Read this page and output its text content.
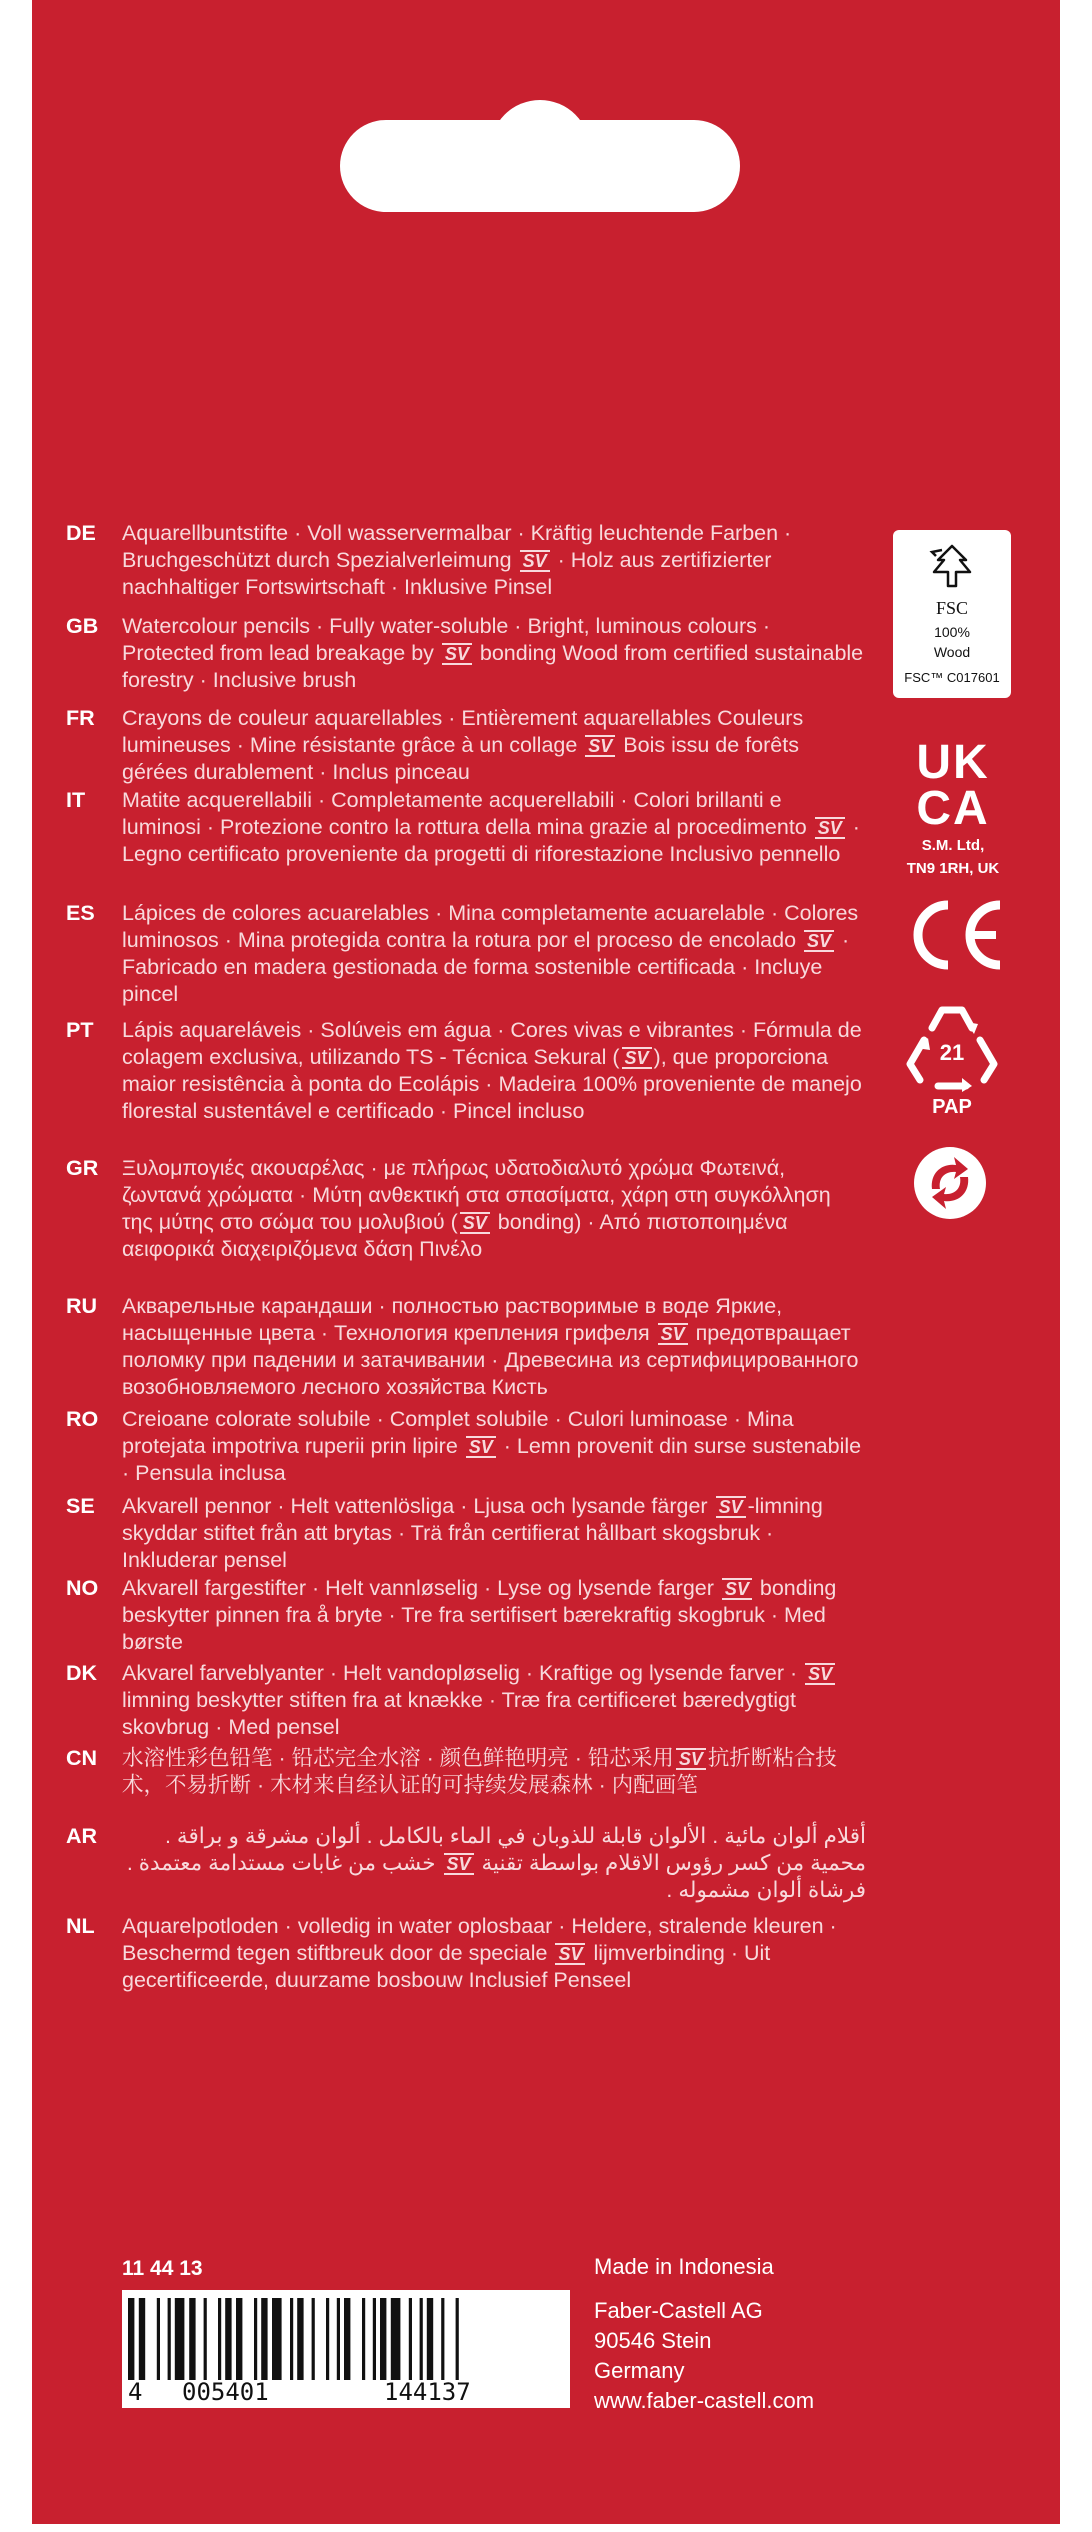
DE	Aquarellbuntstifte · Voll wasservermalbar · Kräftig leuchtende Farben · Bruchgeschützt durch Spezialverleimung SV · Holz aus zertifizierter nachhaltiger Fortswirtschaft · Inklusive Pinsel
GB	Watercolour pencils · Fully water-soluble · Bright, luminous colours · Protected from lead breakage by SV bonding Wood from certified sustainable forestry · Inclusive brush
FR	Crayons de couleur aquarellables · Entièrement aquarellables Couleurs lumineuses · Mine résistante grâce à un collage SV Bois issu de forêts gérées durablement · Inclus pinceau
IT	Matite acquerellabili · Completamente acquerellabili · Colori brillanti e luminosi · Protezione contro la rottura della mina grazie al procedimento SV · Legno certificato proveniente da progetti di riforestazione Inclusivo pennello
ES	Lápices de colores acuarelables · Mina completamente acuarelable · Colores luminosos · Mina protegida contra la rotura por el proceso de encolado SV · Fabricado en madera gestionada de forma sostenible certificada · Incluye pincel
PT	Lápis aquareláveis · Solúveis em água · Cores vivas e vibrantes · Fórmula de colagem exclusiva, utilizando TS - Técnica Sekural ( SV ), que proporciona maior resistência à ponta do Ecolápis · Madeira 100% proveniente de manejo florestal sustentável e certificado · Pincel incluso
GR	Ξυλομπογιές ακουαρέλας · με πλήρως υδατοδιαλυτό χρώμα Φωτεινά, ζωντανά χρώματα · Μύτη ανθεκτική στα σπασίματα, χάρη στη συγκόλληση της μύτης στο σώμα του μολυβιού ( SV bonding) · Από πιστοποιημένα αειφορικά διαχειριζόμενα δάση Πινέλο
RU	Акварельные карандаши · полностью растворимые в воде Яркие, насыщенные цвета · Технология крепления грифеля SV предотвращает поломку при падении и затачивании · Древесина из сертифицированного возобновляемого лесного хозяйства Кисть
RO	Creioane colorate solubile · Complet solubile · Culori luminoase · Mina protejata impotriva ruperii prin lipire SV · Lemn provenit din surse sustenabile · Pensula inclusa
SE	Akvarell pennor · Helt vattenlösliga · Ljusa och lysande färger SV -limning skyddar stiftet från att brytas · Trä från certifierat hållbart skogsbruk · Inkluderar pensel
NO	Akvarell fargestifter · Helt vannløselig · Lyse og lysende farger SV bonding beskytter pinnen fra å bryte · Tre fra sertifisert bærekraftig skogbruk · Med børste
DK	Akvarel farveblyanter · Helt vandopløselig · Kraftige og lysende farver · SV limning beskytter stiften fra at knække · Træ fra certificeret bæredygtigt skovbrug · Med pensel
CN	水溶性彩色铅笔 · 铅芯完全水溶 · 颜色鲜艳明亮 · 铅芯采用 SV 抗折断粘合技术，不易折断 · 木材来自经认证的可持续发展森林 · 内配画笔
AR	أقلام ألوان مائية . الألوان قابلة للذوبان في الماء بالكامل . ألوان مشرقة و براقة . محمية من كسر رؤوس الاقلام بواسطة تقنية SV خشب من غابات مستدامة معتمدة . فرشاة ألوان مشموله .
NL	Aquarelpotloden · volledig in water oplosbaar · Heldere, stralende kleuren · Beschermd tegen stiftbreuk door de speciale SV lijmverbinding · Uit gecertificeerde, duurzame bosbouw Inclusief Penseel
FSC
100%
Wood
FSC™ C017601
UK
CA
S.M. Ltd,
TN9 1RH, UK
21
PAP
11 44 13
4 005401	144137
Made in Indonesia
Faber-Castell AG
90546 Stein
Germany
www.faber-castell.com
